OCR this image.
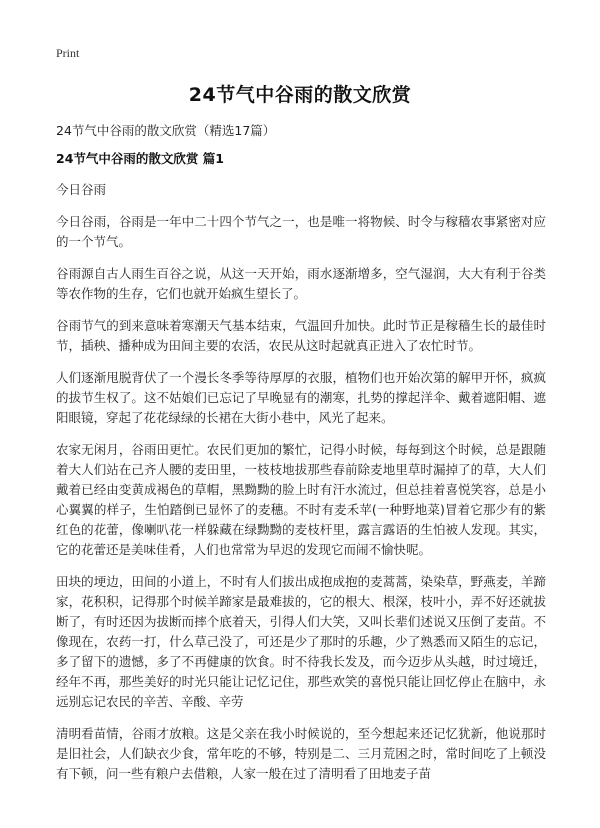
Print
24节气中谷雨的散文欣赏

24节气中谷雨的散文欣赏（精选17篇）

24节气中谷雨的散文欣赏 篇1

今日谷雨

今日谷雨，谷雨是一年中二十四个节气之一，也是唯一将物候、时令与稼穑农事紧密对应的一个节气。

谷雨源自古人雨生百谷之说，从这一天开始，雨水逐渐增多，空气湿润，大大有利于谷类等农作物的生存，它们也就开始疯生望长了。

谷雨节气的到来意味着寒潮天气基本结束，气温回升加快。此时节正是稼穑生长的最佳时节，插秧、播种成为田间主要的农活，农民从这时起就真正进入了农忙时节。

人们逐渐甩脱背伏了一个漫长冬季等待厚厚的衣服，植物们也开始次第的解甲开怀，疯疯的拔节生权了。这不姑娘们已忘记了早晚显有的潮寒，扎势的撑起洋伞、戴着遮阳帽、遮阳眼镜，穿起了花花绿绿的长裙在大街小巷中，风光了起来。

农家无闲月，谷雨田更忙。农民们更加的繁忙，记得小时候，每每到这个时候，总是跟随着大人们站在己齐人腰的麦田里，一枝枝地拔那些春前除麦地里草时漏掉了的草，大人们戴着已经由变黄成褐色的草帽，黑黝黝的脸上时有汗水流过，但总挂着喜悦笑容，总是小心翼翼的样子，生怕踏倒已显怀了的麦穗。不时有麦禾苹(一种野地菜)冒着它那少有的紫红色的花蕾，像喇叭花一样躲藏在绿黝黝的麦枝杆里，露言露语的生怕被人发现。其实，它的花蕾还是美味佳肴，人们也常常为早迟的发现它而闹不愉快呢。

田块的埂边，田间的小道上，不时有人们拔出成抱成抱的麦蒿蒿，染染草，野燕麦，羊蹄家，花积积，记得那个时候羊蹄家是最难拔的，它的根大、根深，枝叶小，弄不好还就拔断了，有时还因为拔断而摔个底着天，引得人们大笑，又叫长辈们述说又压倒了麦苗。不像现在，农药一打，什么草己没了，可还是少了那时的乐趣，少了熟悉而又陌生的忘记，多了留下的遗憾，多了不再健康的饮食。时不待我长发及，而今迈步从头越，时过境迁，经年不再，那些美好的时光只能让记忆记住，那些欢笑的喜悦只能让回忆停止在脑中，永远别忘记农民的辛苦、辛酸、辛劳

清明看苗情，谷雨才放粮。这是父亲在我小时候说的，至今想起来还记忆犹新，他说那时是旧社会，人们缺衣少食，常年吃的不够，特别是二、三月荒困之时，常时间吃了上顿没有下顿，问一些有粮户去借粮，人家一般在过了清明看了田地麦子苗
